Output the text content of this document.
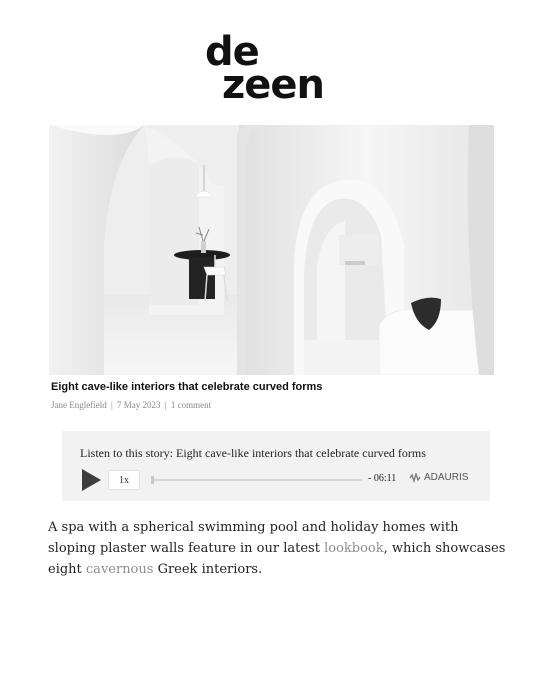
de
zeen
Eight cave-like interiors that celebrate curved forms
Jane Englefield | 7 May 2023 | 1 comment
Listen to this story: Eight cave-like interiors that celebrate curved forms
1x	- 06:11	ADAURIS

A spa with a spherical swimming pool and holiday homes with sloping plaster walls feature in our latest lookbook, which showcases eight cavernous Greek interiors.
